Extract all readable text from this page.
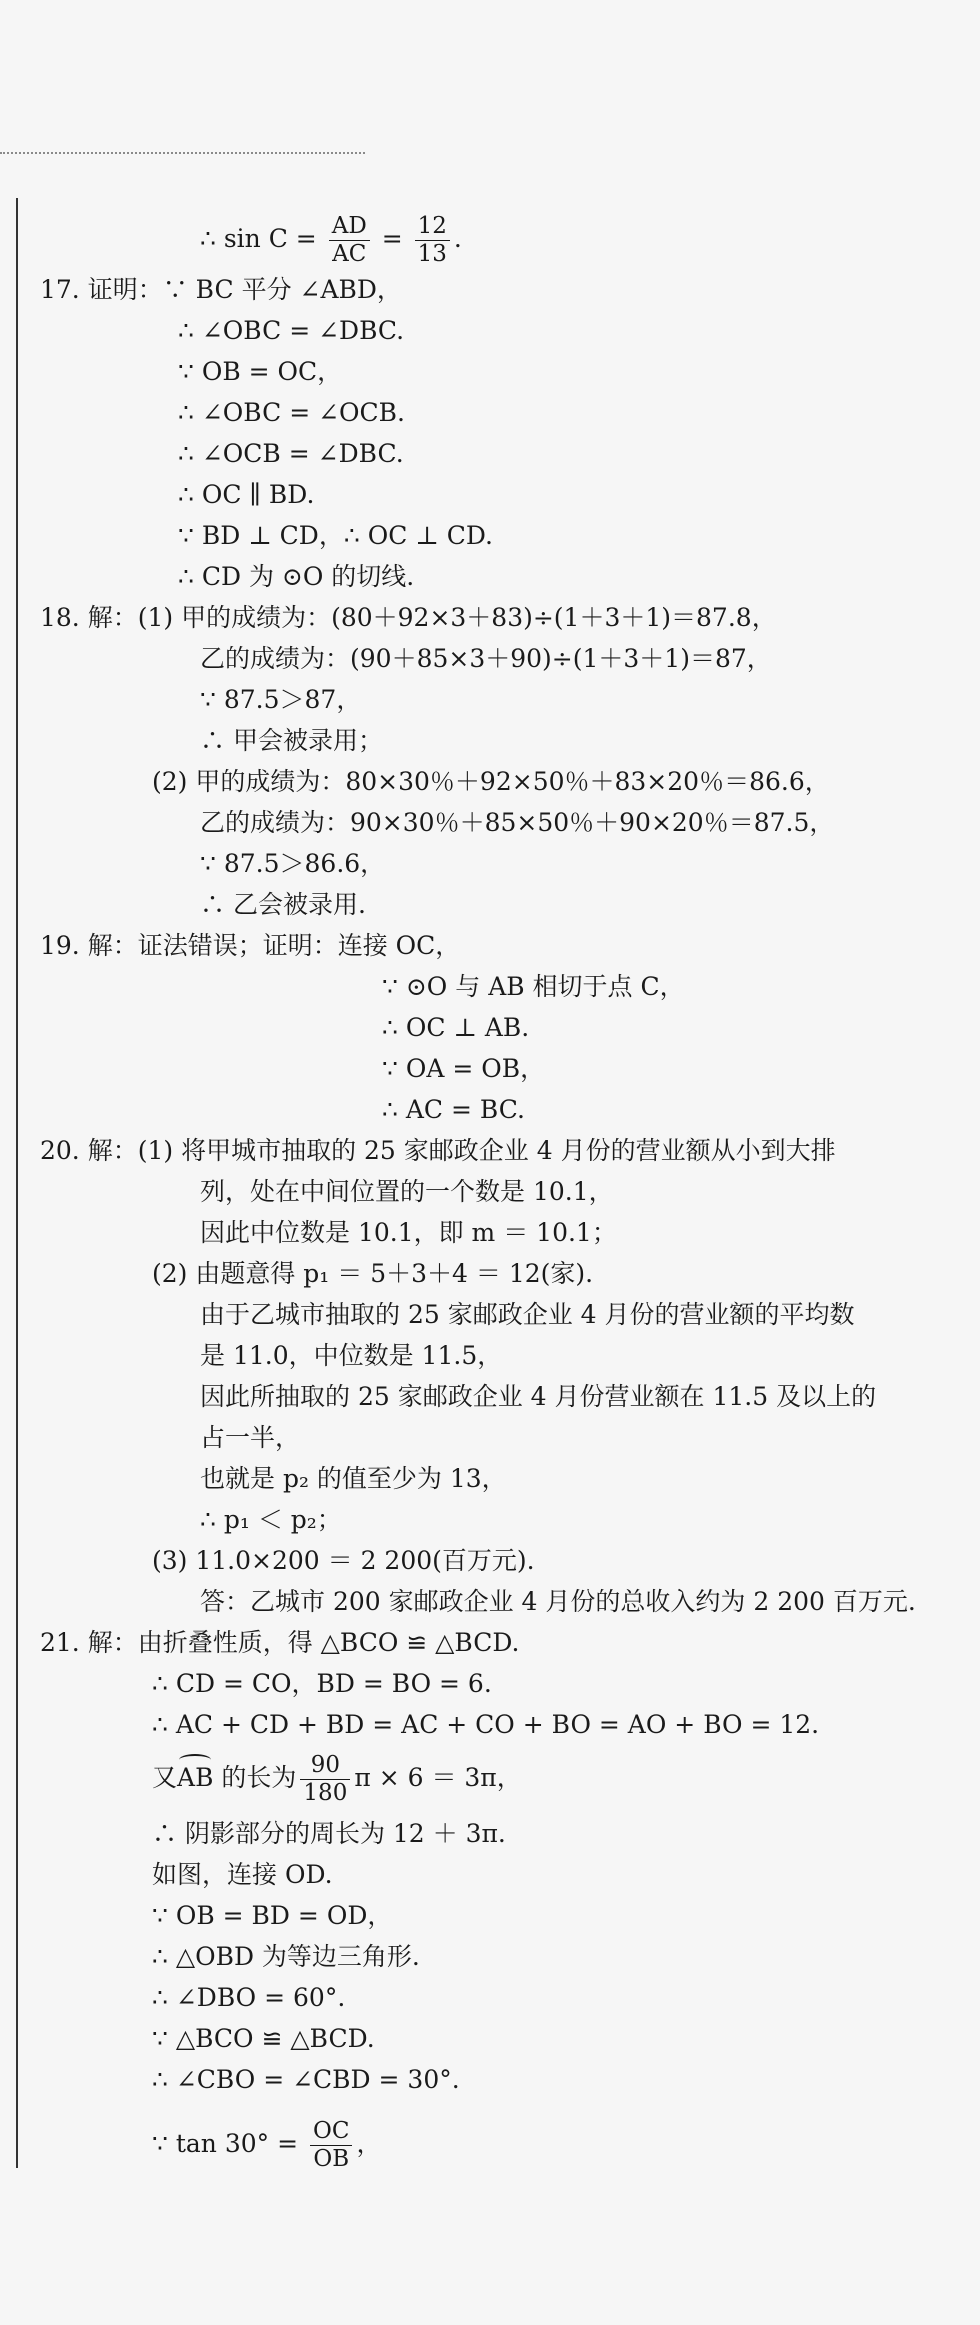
∴ $\sin C = \frac{AD}{AC} = \frac{12}{13}$ .
17. 证明：∵ BC 平分 ∠ABD，
∴ ∠OBC = ∠DBC.
∵ OB = OC，
∴ ∠OBC = ∠OCB.
∴ ∠OCB = ∠DBC.
∴ OC ∥ BD.
∵ BD ⊥ CD，∴ OC ⊥ CD.
∴ CD 为 ⊙O 的切线.
18. 解：(1) 甲的成绩为：(80＋92×3＋83)÷(1＋3＋1)＝87.8，
乙的成绩为：(90＋85×3＋90)÷(1＋3＋1)＝87，
∵ 87.5＞87，
∴ 甲会被录用；
(2) 甲的成绩为：80×30％＋92×50％＋83×20％＝86.6，
乙的成绩为：90×30％＋85×50％＋90×20％＝87.5，
∵ 87.5＞86.6，
∴ 乙会被录用.
19. 解：证法错误；证明：连接 OC，
∵ ⊙O 与 AB 相切于点 C，
∴ OC ⊥ AB.
∵ OA = OB，
∴ AC = BC.
20. 解：(1) 将甲城市抽取的 25 家邮政企业 4 月份的营业额从小到大排
列，处在中间位置的一个数是 10.1，
因此中位数是 10.1，即 m ＝ 10.1；
(2) 由题意得 p₁ ＝ 5＋3＋4 ＝ 12(家).
由于乙城市抽取的 25 家邮政企业 4 月份的营业额的平均数
是 11.0，中位数是 11.5，
因此所抽取的 25 家邮政企业 4 月份营业额在 11.5 及以上的
占一半，
也就是 p₂ 的值至少为 13，
∴ p₁ ＜ p₂；
(3) 11.0×200 ＝ 2 200(百万元).
答：乙城市 200 家邮政企业 4 月份的总收入约为 2 200 百万元.
21. 解：由折叠性质，得 △BCO ≌ △BCD.
∴ CD = CO，BD = BO = 6.
∴ AC + CD + BD = AC + CO + BO = AO + BO = 12.
又AB 的长为 $\frac{90}{180}$ π × 6 ＝ 3π，
∴ 阴影部分的周长为 12 ＋ 3π.
如图，连接 OD.
∵ OB = BD = OD，
∴ △OBD 为等边三角形.
∴ ∠DBO = 60°.
∵ △BCO ≌ △BCD.
∴ ∠CBO = ∠CBD = 30°.
∵ $\tan 30^\circ = \frac{OC}{OB}$ ，
